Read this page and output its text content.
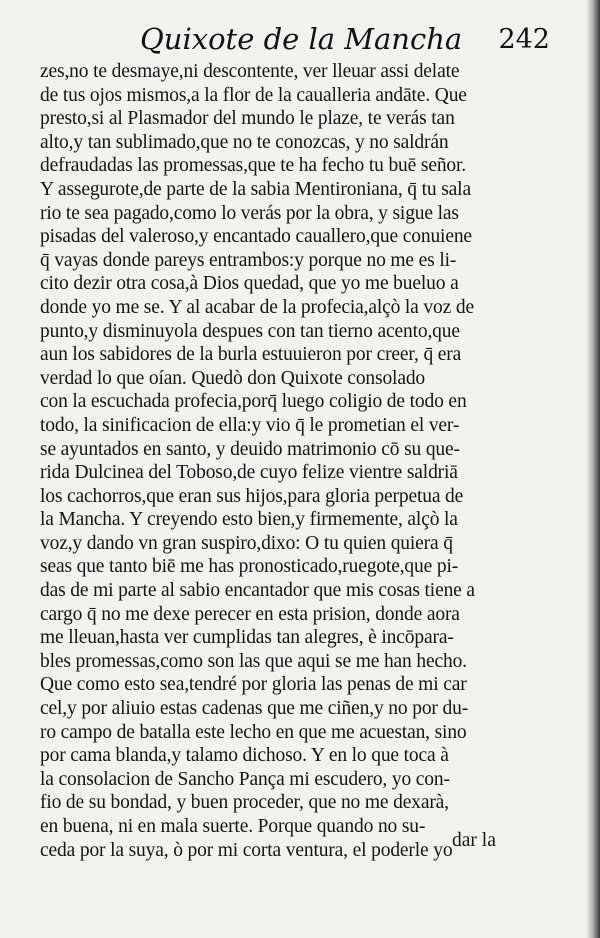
Quixote de la Mancha 242
zes,no te desmaye,ni descontente, ver lleuar assi delate
de tus ojos mismos,a la flor de la caualleria andāte. Que
presto,si al Plasmador del mundo le plaze, te verás tan
alto,y tan sublimado,que no te conozcas, y no saldrán
defraudadas las promessas,que te ha fecho tu buē señor.
Y assegurote,de parte de la sabia Mentironiana, q̄ tu sala
rio te sea pagado,como lo verás por la obra, y sigue las
pisadas del valeroso,y encantado cauallero,que conuiene
q̄ vayas donde pareys entrambos:y porque no me es li-
cito dezir otra cosa,à Dios quedad, que yo me bueluo a
donde yo me se. Y al acabar de la profecia,alçò la voz de
punto,y disminuyola despues con tan tierno acento,que
aun los sabidores de la burla estuuieron por creer, q̄ era
verdad lo que oían. Quedò don Quixote consolado
con la escuchada profecia,porq̄ luego coligio de todo en
todo, la sinificacion de ella:y vio q̄ le prometian el ver-
se ayuntados en santo, y deuido matrimonio cō su que-
rida Dulcinea del Toboso,de cuyo felize vientre saldriā
los cachorros,que eran sus hijos,para gloria perpetua de
la Mancha. Y creyendo esto bien,y firmemente, alçò la
voz,y dando vn gran suspiro,dixo: O tu quien quiera q̄
seas que tanto biē me has pronosticado,ruegote,que pi-
das de mi parte al sabio encantador que mis cosas tiene a
cargo q̄ no me dexe perecer en esta prision, donde aora
me lleuan,hasta ver cumplidas tan alegres, è incōpara-
bles promessas,como son las que aqui se me han hecho.
Que como esto sea,tendré por gloria las penas de mi car
cel,y por aliuio estas cadenas que me ciñen,y no por du-
ro campo de batalla este lecho en que me acuestan, sino
por cama blanda,y talamo dichoso. Y en lo que toca à
la consolacion de Sancho Pança mi escudero, yo con-
fio de su bondad, y buen proceder, que no me dexarà,
en buena, ni en mala suerte. Porque quando no su-
ceda por la suya, ò por mi corta ventura, el poderle yo dar la
